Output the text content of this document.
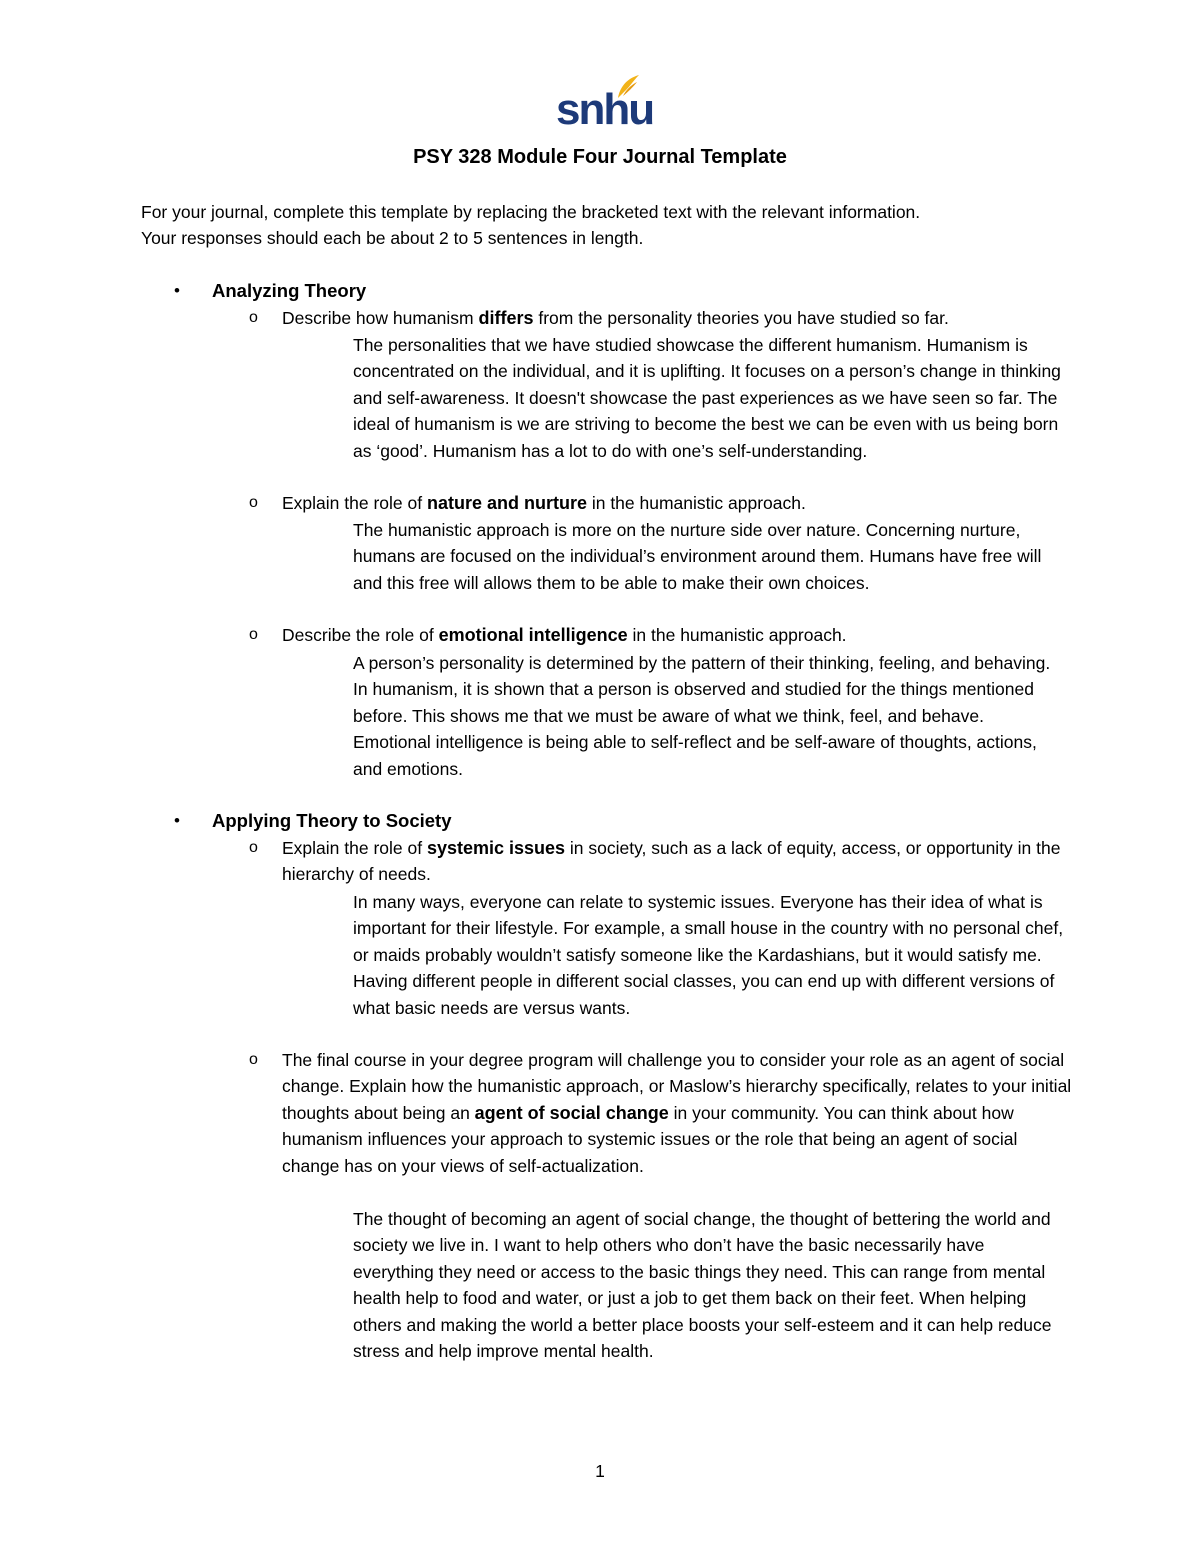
snhu
PSY 328 Module Four Journal Template
For your journal, complete this template by replacing the bracketed text with the relevant information.
Your responses should each be about 2 to 5 sentences in length.
• Analyzing Theory
o Describe how humanism differs from the personality theories you have studied so far.
The personalities that we have studied showcase the different humanism. Humanism is concentrated on the individual, and it is uplifting. It focuses on a person’s change in thinking and self-awareness. It doesn't showcase the past experiences as we have seen so far. The ideal of humanism is we are striving to become the best we can be even with us being born as ‘good’. Humanism has a lot to do with one’s self-understanding.
o Explain the role of nature and nurture in the humanistic approach.
The humanistic approach is more on the nurture side over nature. Concerning nurture, humans are focused on the individual’s environment around them. Humans have free will and this free will allows them to be able to make their own choices.
o Describe the role of emotional intelligence in the humanistic approach.
A person’s personality is determined by the pattern of their thinking, feeling, and behaving. In humanism, it is shown that a person is observed and studied for the things mentioned before. This shows me that we must be aware of what we think, feel, and behave. Emotional intelligence is being able to self-reflect and be self-aware of thoughts, actions, and emotions.
• Applying Theory to Society
o Explain the role of systemic issues in society, such as a lack of equity, access, or opportunity in the hierarchy of needs.
In many ways, everyone can relate to systemic issues. Everyone has their idea of what is important for their lifestyle. For example, a small house in the country with no personal chef, or maids probably wouldn’t satisfy someone like the Kardashians, but it would satisfy me. Having different people in different social classes, you can end up with different versions of what basic needs are versus wants.
o The final course in your degree program will challenge you to consider your role as an agent of social change. Explain how the humanistic approach, or Maslow’s hierarchy specifically, relates to your initial thoughts about being an agent of social change in your community. You can think about how humanism influences your approach to systemic issues or the role that being an agent of social change has on your views of self-actualization.
The thought of becoming an agent of social change, the thought of bettering the world and society we live in. I want to help others who don’t have the basic necessarily have everything they need or access to the basic things they need. This can range from mental health help to food and water, or just a job to get them back on their feet. When helping others and making the world a better place boosts your self-esteem and it can help reduce stress and help improve mental health.
1
